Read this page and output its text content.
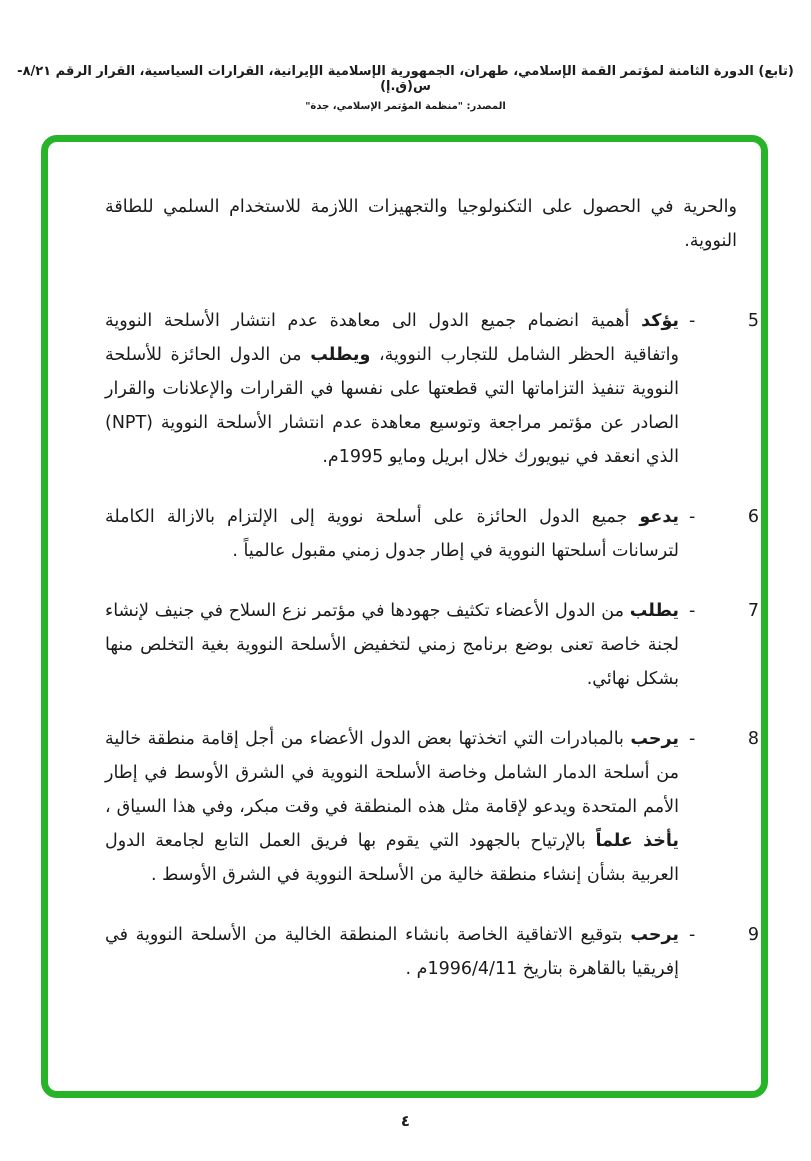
(تابع) الدورة الثامنة لمؤتمر القمة الإسلامي، طهران، الجمهورية الإسلامية الإيرانية، القرارات السياسية، القرار الرقم ٨/٢١-س(ق.إ)
المصدر: "منظمة المؤتمر الإسلامي، جدة"

والحرية في الحصول على التكنولوجيا والتجهيزات اللازمة للاستخدام السلمي للطاقة النووية.

5
-
يؤكد أهمية انضمام جميع الدول الى معاهدة عدم انتشار الأسلحة النووية واتفاقية الحظر الشامل للتجارب النووية، ويطلب من الدول الحائزة للأسلحة النووية تنفيذ التزاماتها التي قطعتها على نفسها في القرارات والإعلانات والقرار الصادر عن مؤتمر مراجعة وتوسيع معاهدة عدم انتشار الأسلحة النووية (NPT) الذي انعقد في نيويورك خلال ابريل ومايو 1995م.
6
-
يدعو جميع الدول الحائزة على أسلحة نووية إلى الإلتزام بالازالة الكاملة لترسانات أسلحتها النووية في إطار جدول زمني مقبول عالمياً .
7
-
يطلب من الدول الأعضاء تكثيف جهودها في مؤتمر نزع السلاح في جنيف لإنشاء لجنة خاصة تعنى بوضع برنامج زمني لتخفيض الأسلحة النووية بغية التخلص منها بشكل نهائي.
8
-
يرحب بالمبادرات التي اتخذتها بعض الدول الأعضاء من أجل إقامة منطقة خالية من أسلحة الدمار الشامل وخاصة الأسلحة النووية في الشرق الأوسط في إطار الأمم المتحدة ويدعو لإقامة مثل هذه المنطقة في وقت مبكر، وفي هذا السياق ، يأخذ علماً بالإرتياح بالجهود التي يقوم بها فريق العمل التابع لجامعة الدول العربية بشأن إنشاء منطقة خالية من الأسلحة النووية في الشرق الأوسط .
9
-
يرحب بتوقيع الاتفاقية الخاصة بانشاء المنطقة الخالية من الأسلحة النووية في إفريقيا بالقاهرة بتاريخ 1996/4/11م .
٤
